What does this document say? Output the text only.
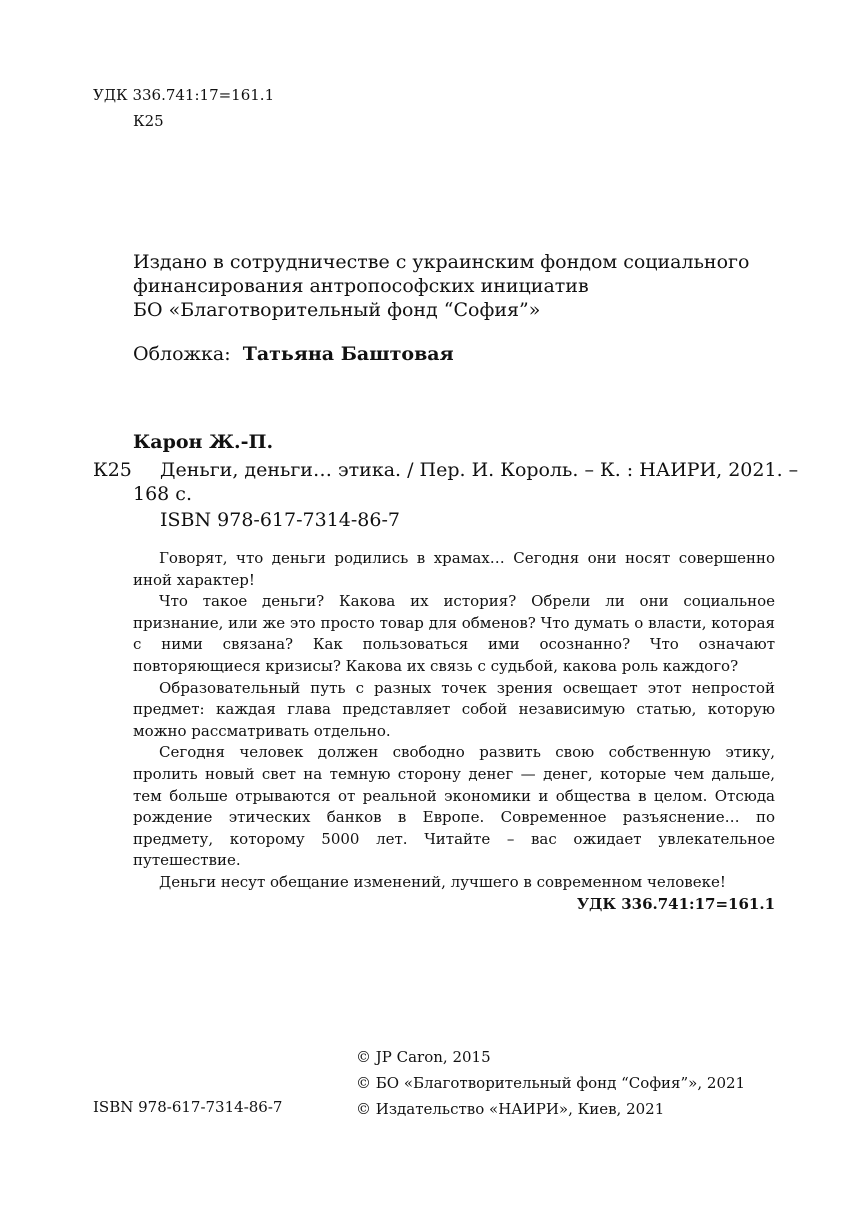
УДК 336.741:17=161.1
К25
Издано в сотрудничестве с украинским фондом социального
финансирования антропософских инициатив
БО «Благотворительный фонд “София”»
Обложка: Татьяна Баштовая
Карон Ж.-П.
К25 Деньги, деньги… этика. / Пер. И. Король. – К. : НАИРИ, 2021. –
168 с.
ISBN 978-617-7314-86-7

Говорят, что деньги родились в храмах… Сегодня они носят совершенно иной характер!

Что такое деньги? Какова их история? Обрели ли они социальное признание, или же это просто товар для обменов? Что думать о власти, которая с ними связана? Как пользоваться ими осознанно? Что означают повторяющиеся кризисы? Какова их связь с судьбой, какова роль каждого?

Образовательный путь с разных точек зрения освещает этот непростой предмет: каждая глава представляет собой независимую статью, которую можно рассматривать отдельно.

Сегодня человек должен свободно развить свою собственную этику, пролить новый свет на темную сторону денег — денег, которые чем дальше, тем больше отрываются от реальной экономики и общества в целом. Отсюда рождение этических банков в Европе. Современное разъяснение… по предмету, которому 5000 лет. Читайте – вас ожидает увлекательное путешествие.

Деньги несут обещание изменений, лучшего в современном человеке!

УДК 336.741:17=161.1

ISBN 978-617-7314-86-7
© JP Caron, 2015
© БО «Благотворительный фонд “София”», 2021
© Издательство «НАИРИ», Киев, 2021
